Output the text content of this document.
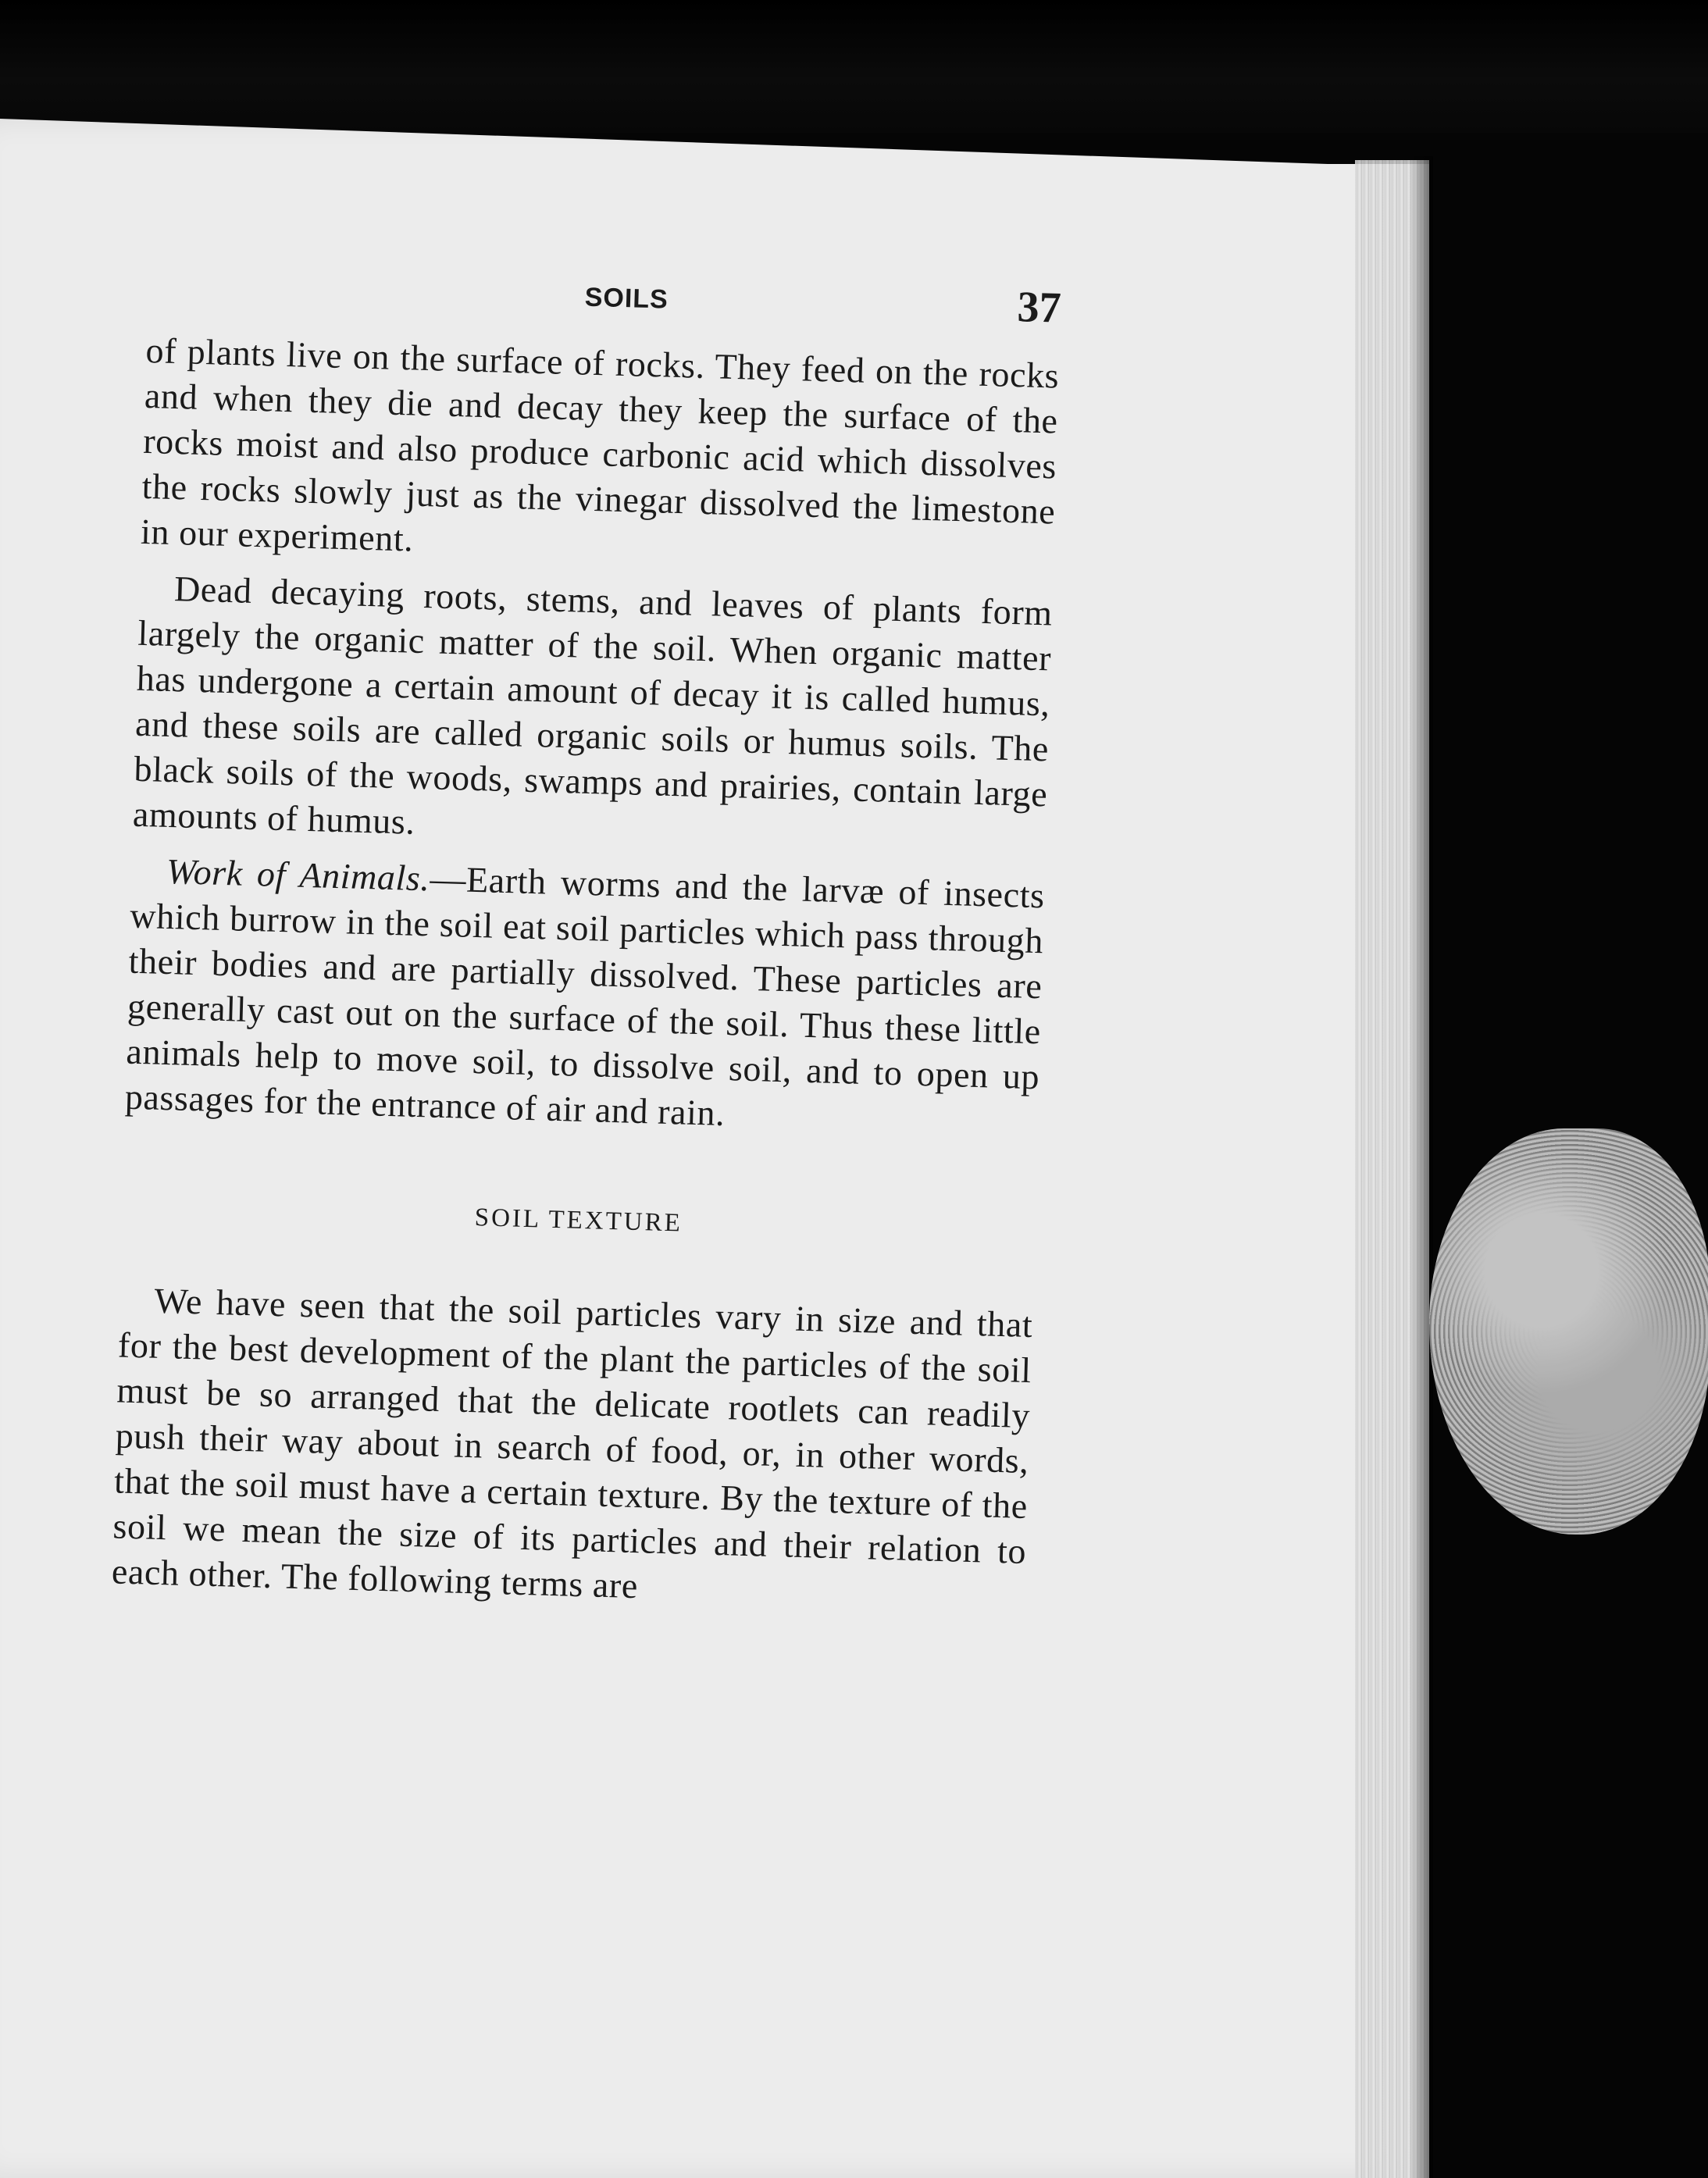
SOILS	37

of plants live on the surface of rocks. They feed on the rocks and when they die and decay they keep the surface of the rocks moist and also produce carbonic acid which dissolves the rocks slowly just as the vinegar dissolved the limestone in our experiment.

Dead decaying roots, stems, and leaves of plants form largely the organic matter of the soil. When organic matter has undergone a certain amount of decay it is called humus, and these soils are called organic soils or humus soils. The black soils of the woods, swamps and prairies, contain large amounts of humus.

Work of Animals.—Earth worms and the larvæ of insects which burrow in the soil eat soil particles which pass through their bodies and are partially dissolved. These particles are generally cast out on the surface of the soil. Thus these little animals help to move soil, to dissolve soil, and to open up passages for the entrance of air and rain.

SOIL TEXTURE

We have seen that the soil particles vary in size and that for the best development of the plant the particles of the soil must be so arranged that the delicate rootlets can readily push their way about in search of food, or, in other words, that the soil must have a certain texture. By the texture of the soil we mean the size of its particles and their relation to each other. The following terms are
